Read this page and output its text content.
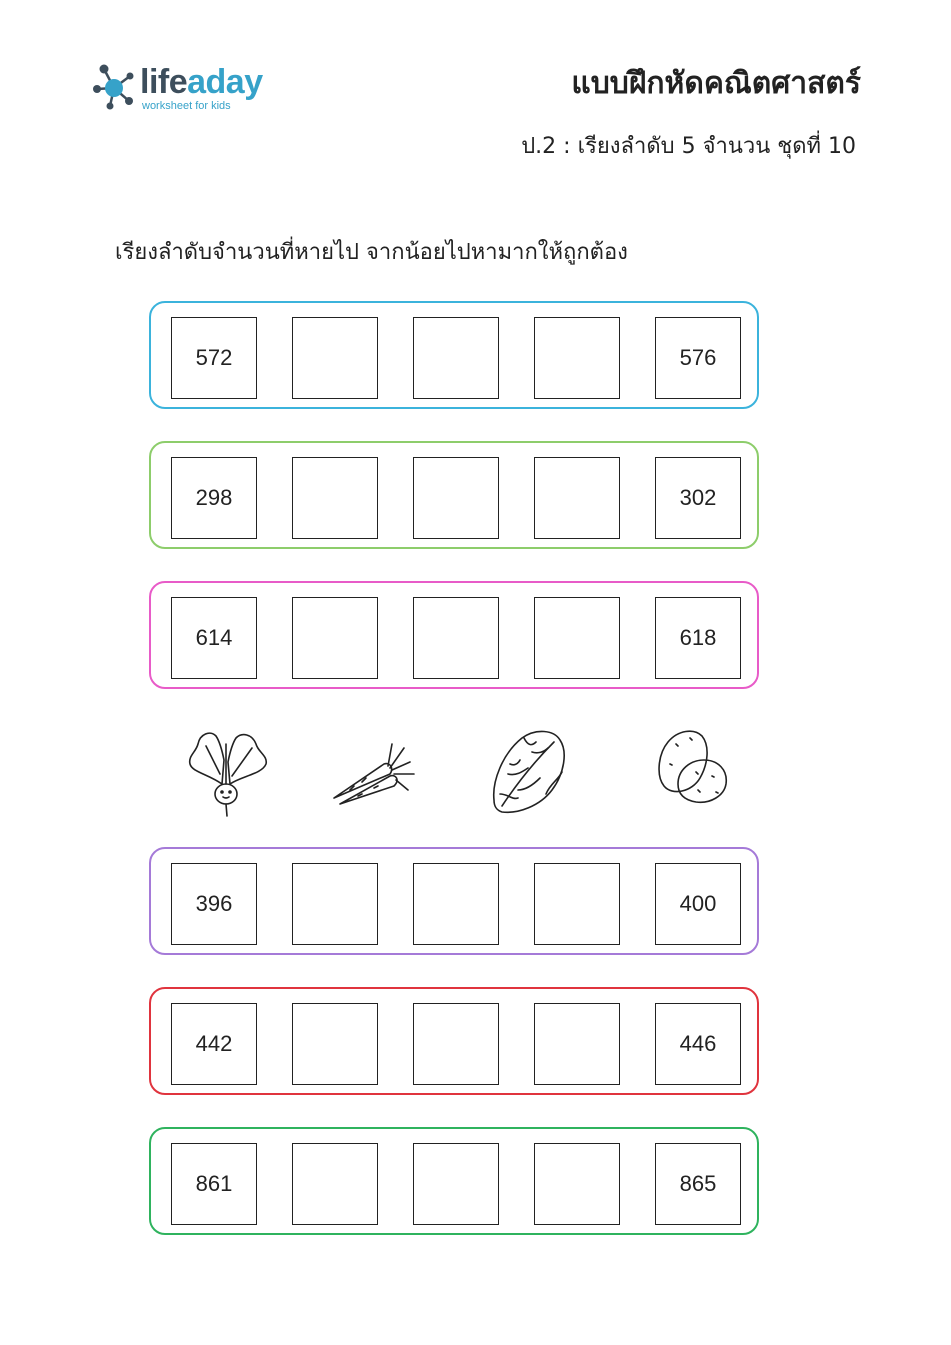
lifeaday
worksheet for kids
แบบฝึกหัดคณิตศาสตร์
ป.2 : เรียงลำดับ 5 จำนวน ชุดที่ 10
เรียงลำดับจำนวนที่หายไป จากน้อยไปหามากให้ถูกต้อง
572	576
298	302
614	618
396	400
442	446
861	865
